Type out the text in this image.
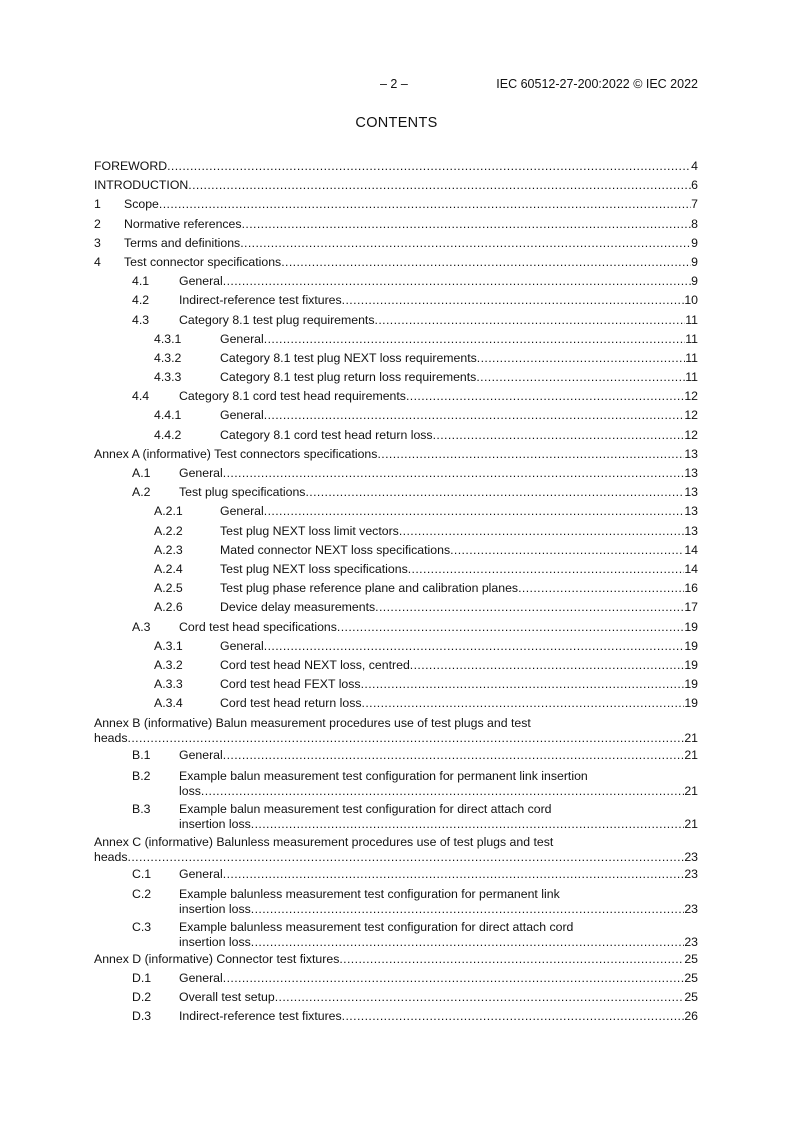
– 2 –	IEC 60512-27-200:2022 © IEC 2022
CONTENTS
FOREWORD .....	4
INTRODUCTION .....	6
1	Scope .....	7
2	Normative references .....	8
3	Terms and definitions .....	9
4	Test connector specifications .....	9
4.1	General .....	9
4.2	Indirect-reference test fixtures .....	10
4.3	Category 8.1 test plug requirements .....	11
4.3.1	General .....	11
4.3.2	Category 8.1 test plug NEXT loss requirements .....	11
4.3.3	Category 8.1 test plug return loss requirements .....	11
4.4	Category 8.1 cord test head requirements .....	12
4.4.1	General .....	12
4.4.2	Category 8.1 cord test head return loss .....	12
Annex A (informative) Test connectors specifications .....	13
A.1	General .....	13
A.2	Test plug specifications .....	13
A.2.1	General .....	13
A.2.2	Test plug NEXT loss limit vectors .....	13
A.2.3	Mated connector NEXT loss specifications .....	14
A.2.4	Test plug NEXT loss specifications .....	14
A.2.5	Test plug phase reference plane and calibration planes .....	16
A.2.6	Device delay measurements .....	17
A.3	Cord test head specifications .....	19
A.3.1	General .....	19
A.3.2	Cord test head NEXT loss, centred .....	19
A.3.3	Cord test head FEXT loss .....	19
A.3.4	Cord test head return loss .....	19
Annex B (informative) Balun measurement procedures use of test plugs and test
heads .....	21
B.1	General .....	21
B.2 Example balun measurement test configuration for permanent link insertion
loss .....	21
B.3 Example balun measurement test configuration for direct attach cord
insertion loss .....	21
Annex C (informative) Balunless measurement procedures use of test plugs and test
heads .....	23
C.1	General .....	23
C.2 Example balunless measurement test configuration for permanent link
insertion loss .....	23
C.3 Example balunless measurement test configuration for direct attach cord
insertion loss .....	23
Annex D (informative) Connector test fixtures .....	25
D.1	General .....	25
D.2	Overall test setup .....	25
D.3	Indirect-reference test fixtures .....	26
